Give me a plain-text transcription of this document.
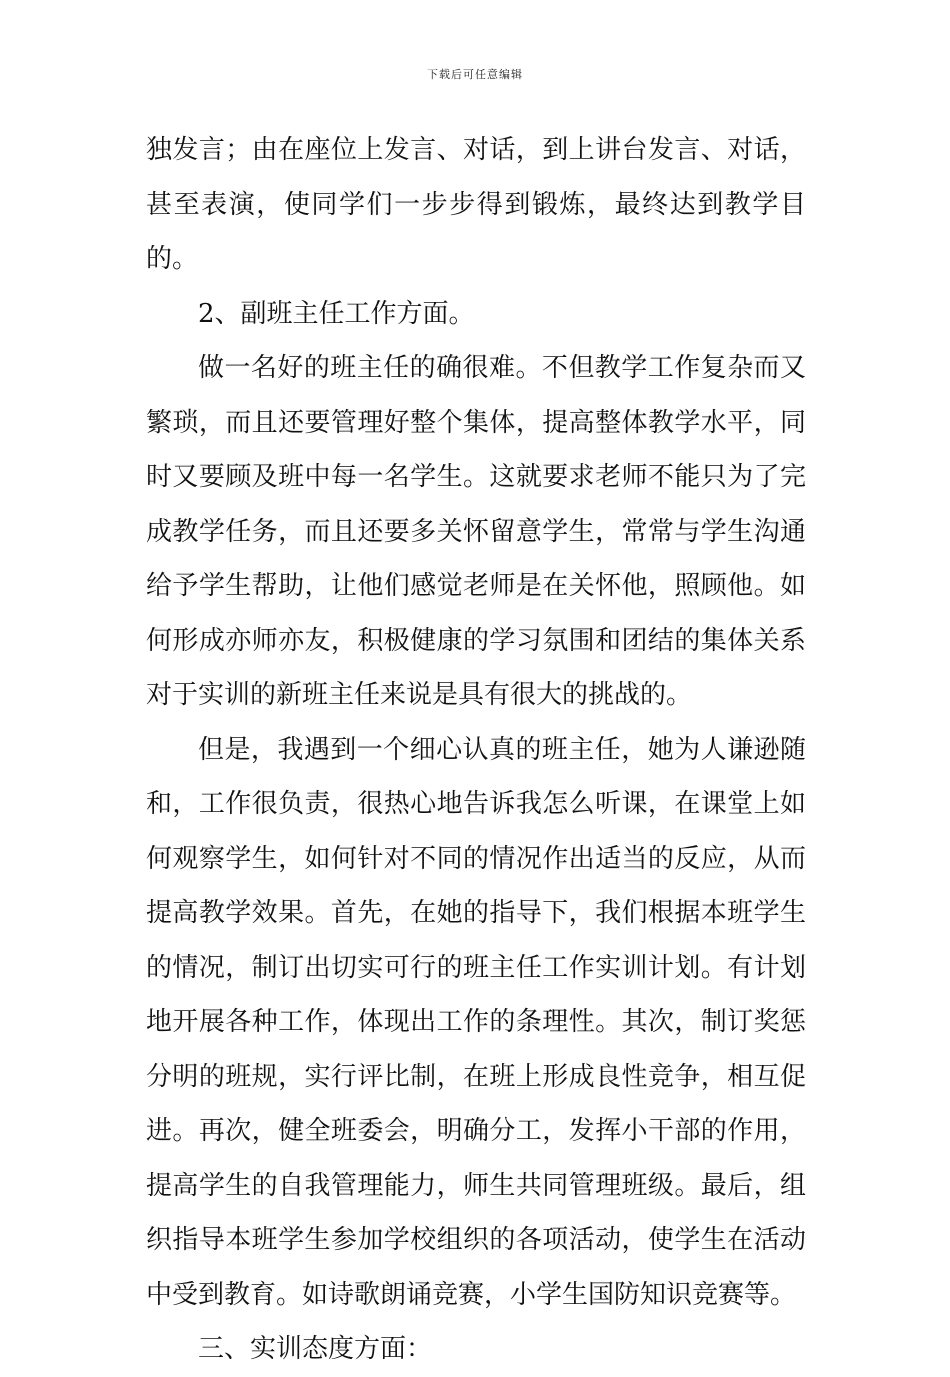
下载后可任意编辑

独发言；由在座位上发言、对话，到上讲台发言、对话，甚至表演，使同学们一步步得到锻炼，最终达到教学目的。

2、副班主任工作方面。

做一名好的班主任的确很难。不但教学工作复杂而又繁琐，而且还要管理好整个集体，提高整体教学水平，同时又要顾及班中每一名学生。这就要求老师不能只为了完成教学任务，而且还要多关怀留意学生，常常与学生沟通给予学生帮助，让他们感觉老师是在关怀他，照顾他。如何形成亦师亦友，积极健康的学习氛围和团结的集体关系对于实训的新班主任来说是具有很大的挑战的。

但是，我遇到一个细心认真的班主任，她为人谦逊随和，工作很负责，很热心地告诉我怎么听课，在课堂上如何观察学生，如何针对不同的情况作出适当的反应，从而提高教学效果。首先，在她的指导下，我们根据本班学生的情况，制订出切实可行的班主任工作实训计划。有计划地开展各种工作，体现出工作的条理性。其次，制订奖惩分明的班规，实行评比制，在班上形成良性竞争，相互促进。再次，健全班委会，明确分工，发挥小干部的作用，提高学生的自我管理能力，师生共同管理班级。最后，组织指导本班学生参加学校组织的各项活动，使学生在活动中受到教育。如诗歌朗诵竞赛，小学生国防知识竞赛等。

三、实训态度方面：
